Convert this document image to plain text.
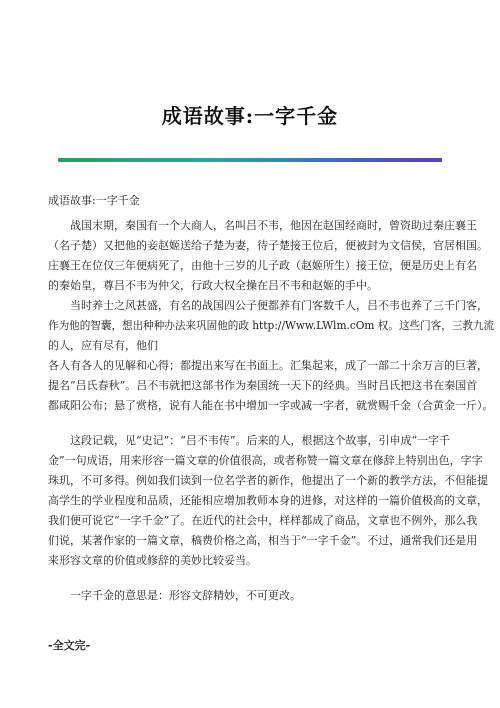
成语故事:一字千金
成语故事:一字千金
战国末期，秦国有一个大商人，名叫吕不韦，他因在赵国经商时，曾资助过秦庄襄王
（名子楚）又把他的妾赵姬送给子楚为妻，待子楚接王位后，便被封为文信侯，官居相国。
庄襄王在位仅三年便病死了，由他十三岁的儿子政（赵姬所生）接王位，便是历史上有名
的秦始皇，尊吕不韦为仲父，行政大权全操在吕不韦和赵姬的手中。
当时养士之风甚盛，有名的战国四公子便都养有门客数千人，吕不韦也养了三千门客，
作为他的智囊，想出种种办法来巩固他的政 http://Www.LWlm.cOm 权。这些门客，三教九流
的人，应有尽有，他们
各人有各人的见解和心得；都提出来写在书面上。汇集起来，成了一部二十余万言的巨著，
提名“吕氏春秋”。吕不韦就把这部书作为秦国统一天下的经典。当时吕氏把这书在秦国首
都咸阳公布；悬了赏格，说有人能在书中增加一字或减一字者，就赏赐千金（合黄金一斤）。
这段记载，见“史记”：“吕不韦传”。后来的人，根据这个故事，引申成“一字千
金”一句成语，用来形容一篇文章的价值很高，或者称赞一篇文章在修辞上特别出色，字字
珠玑，不可多得。例如我们读到一位名学者的新作，他提出了一个新的教学方法，不但能提
高学生的学业程度和品质，还能相应增加教师本身的进修，对这样的一篇价值极高的文章，
我们便可说它“一字千金”了。在近代的社会中，样样都成了商品，文章也不例外，那么我
们说，某著作家的一篇文章，稿费价格之高，相当于“一字千金”。不过，通常我们还是用
来形容文章的价值或修辞的美妙比较妥当。
一字千金的意思是：形容文辞精妙，不可更改。
-全文完-
